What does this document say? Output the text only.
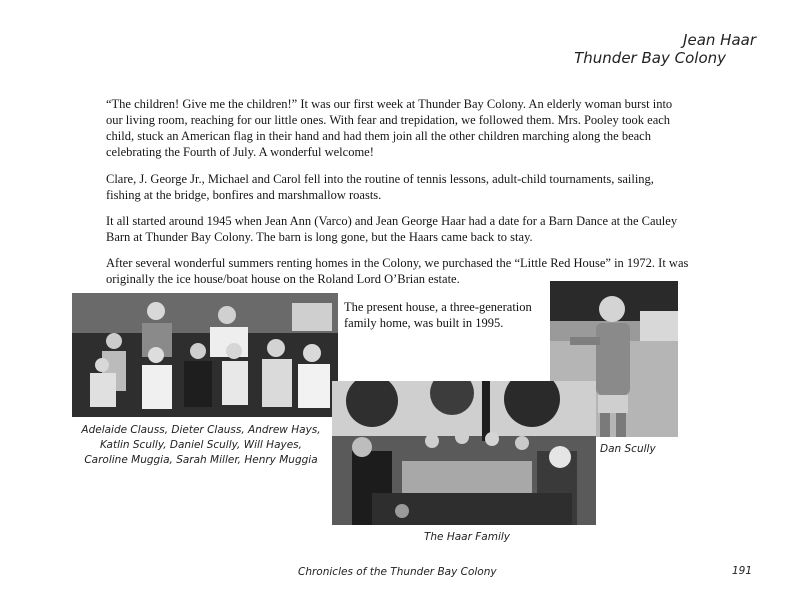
Jean Haar
Thunder Bay Colony

“The children! Give me the children!” It was our first week at Thunder Bay Colony. An elderly woman burst into our living room, reaching for our little ones. With fear and trepidation, we followed them. Mrs. Pooley took each child, stuck an American flag in their hand and had them join all the other children marching along the beach celebrating the Fourth of July. A wonderful welcome!

Clare, J. George Jr., Michael and Carol fell into the routine of tennis lessons, adult-child tournaments, sailing, fishing at the bridge, bonfires and marshmallow roasts.

It all started around 1945 when Jean Ann (Varco) and Jean George Haar had a date for a Barn Dance at the Cauley Barn at Thunder Bay Colony. The barn is long gone, but the Haars came back to stay.

After several wonderful summers renting homes in the Colony, we purchased the “Little Red House” in 1972. It was originally the ice house/boat house on the Roland Lord O’Brian estate.

The present house, a three-generation family home, was built in 1995.

Adelaide Clauss, Dieter Clauss, Andrew Hays,
Katlin Scully, Daniel Scully, Will Hayes,
Caroline Muggia, Sarah Miller, Henry Muggia
Dan Scully
The Haar Family
Chronicles of the Thunder Bay Colony	191
